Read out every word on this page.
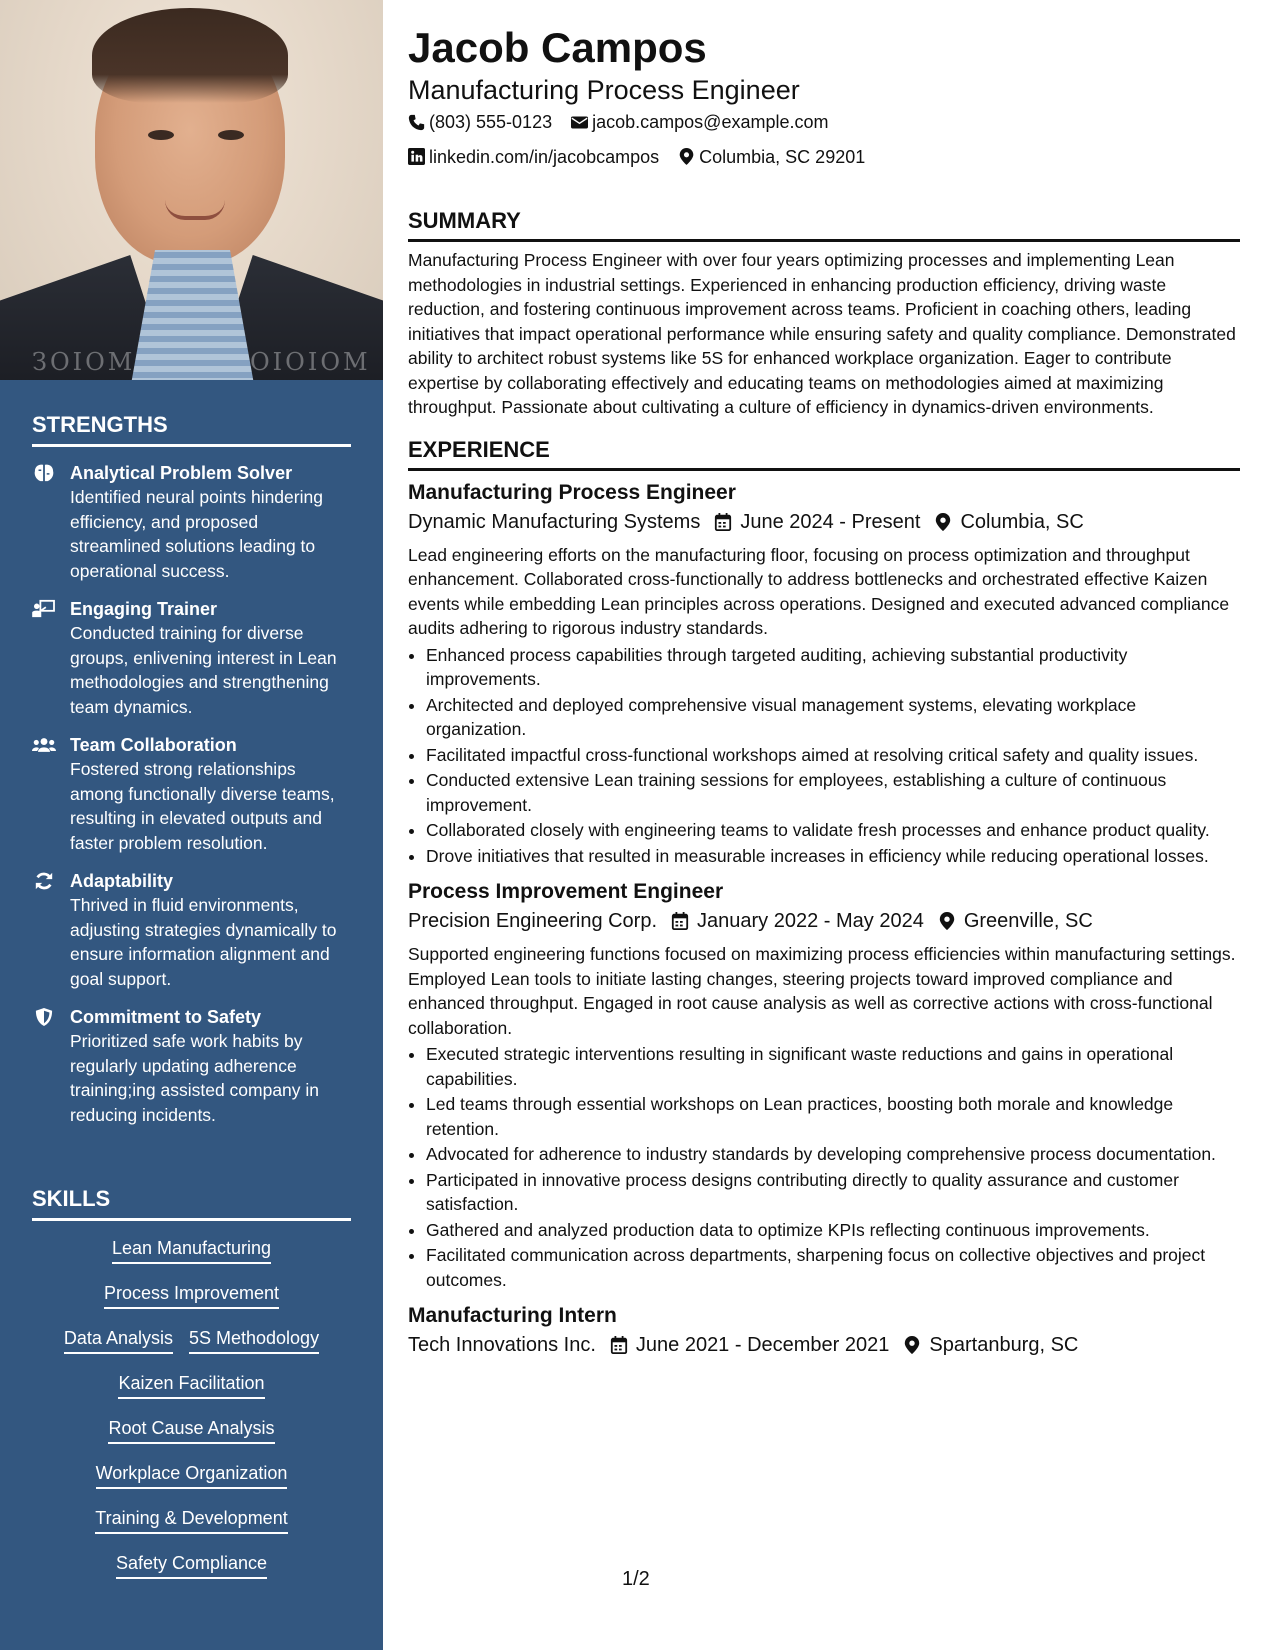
ЗОІОМ	ОІОІОМ
STRENGTHS
Analytical Problem Solver
Identified neural points hindering efficiency, and proposed streamlined solutions leading to operational success.
Engaging Trainer
Conducted training for diverse groups, enlivening interest in Lean methodologies and strengthening team dynamics.
Team Collaboration
Fostered strong relationships among functionally diverse teams, resulting in elevated outputs and faster problem resolution.
Adaptability
Thrived in fluid environments, adjusting strategies dynamically to ensure information alignment and goal support.
Commitment to Safety
Prioritized safe work habits by regularly updating adherence training;ing assisted company in reducing incidents.
SKILLS
Lean Manufacturing
Process Improvement
Data Analysis 5S Methodology
Kaizen Facilitation
Root Cause Analysis
Workplace Organization
Training & Development
Safety Compliance
Jacob Campos
Manufacturing Process Engineer
(803) 555-0123
jacob.campos@example.com
linkedin.com/in/jacobcampos
Columbia, SC 29201
SUMMARY

Manufacturing Process Engineer with over four years optimizing processes and implementing Lean methodologies in industrial settings. Experienced in enhancing production efficiency, driving waste reduction, and fostering continuous improvement across teams. Proficient in coaching others, leading initiatives that impact operational performance while ensuring safety and quality compliance. Demonstrated ability to architect robust systems like 5S for enhanced workplace organization. Eager to contribute expertise by collaborating effectively and educating teams on methodologies aimed at maximizing throughput. Passionate about cultivating a culture of efficiency in dynamics-driven environments.

EXPERIENCE
Manufacturing Process Engineer
Dynamic Manufacturing Systems June 2024 - Present Columbia, SC

Lead engineering efforts on the manufacturing floor, focusing on process optimization and throughput enhancement. Collaborated cross-functionally to address bottlenecks and orchestrated effective Kaizen events while embedding Lean principles across operations. Designed and executed advanced compliance audits adhering to rigorous industry standards.

• Enhanced process capabilities through targeted auditing, achieving substantial productivity improvements.
• Architected and deployed comprehensive visual management systems, elevating workplace organization.
• Facilitated impactful cross-functional workshops aimed at resolving critical safety and quality issues.
• Conducted extensive Lean training sessions for employees, establishing a culture of continuous improvement.
• Collaborated closely with engineering teams to validate fresh processes and enhance product quality.
• Drove initiatives that resulted in measurable increases in efficiency while reducing operational losses.
Process Improvement Engineer
Precision Engineering Corp. January 2022 - May 2024 Greenville, SC

Supported engineering functions focused on maximizing process efficiencies within manufacturing settings. Employed Lean tools to initiate lasting changes, steering projects toward improved compliance and enhanced throughput. Engaged in root cause analysis as well as corrective actions with cross-functional collaboration.

• Executed strategic interventions resulting in significant waste reductions and gains in operational capabilities.
• Led teams through essential workshops on Lean practices, boosting both morale and knowledge retention.
• Advocated for adherence to industry standards by developing comprehensive process documentation.
• Participated in innovative process designs contributing directly to quality assurance and customer satisfaction.
• Gathered and analyzed production data to optimize KPIs reflecting continuous improvements.
• Facilitated communication across departments, sharpening focus on collective objectives and project outcomes.
Manufacturing Intern
Tech Innovations Inc. June 2021 - December 2021 Spartanburg, SC
1/2
